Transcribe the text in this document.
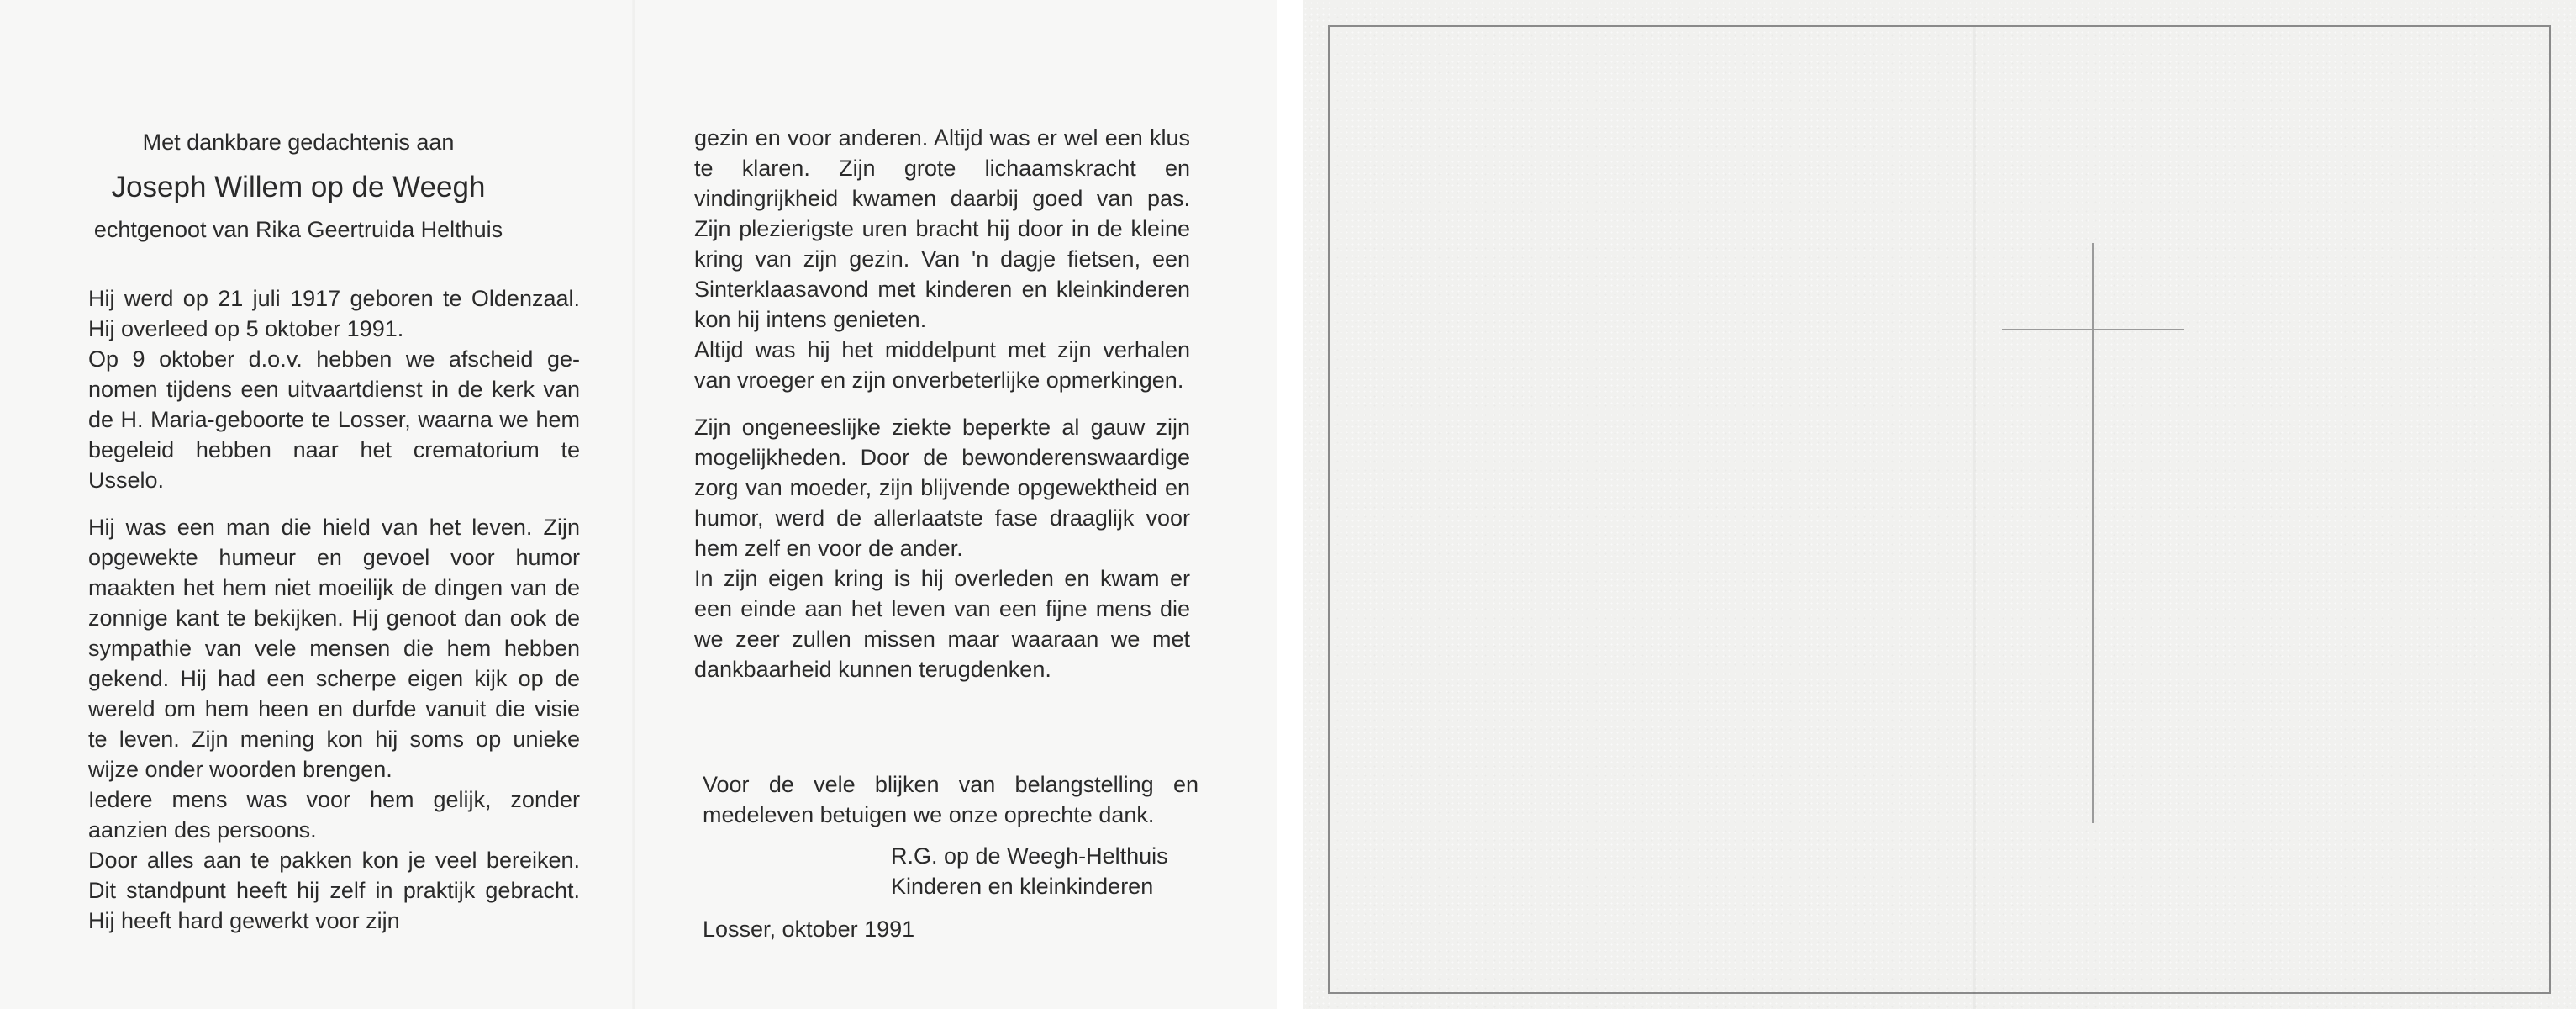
Met dankbare gedachtenis aan

Joseph Willem op de Weegh

echtgenoot van Rika Geertruida Helthuis

Hij werd op 21 juli 1917 geboren te Oldenzaal. Hij overleed op 5 oktober 1991.

Op 9 oktober d.o.v. hebben we afscheid genomen tijdens een uitvaartdienst in de kerk van de H. Maria-geboorte te Losser, waarna we hem begeleid hebben naar het crematorium te Usselo.

Hij was een man die hield van het leven. Zijn opgewekte humeur en gevoel voor humor maakten het hem niet moeilijk de dingen van de zonnige kant te bekijken. Hij genoot dan ook de sympathie van vele mensen die hem hebben gekend. Hij had een scherpe eigen kijk op de wereld om hem heen en durfde vanuit die visie te leven. Zijn mening kon hij soms op unieke wijze onder woorden brengen.

Iedere mens was voor hem gelijk, zonder aanzien des persoons.

Door alles aan te pakken kon je veel bereiken. Dit standpunt heeft hij zelf in praktijk gebracht. Hij heeft hard gewerkt voor zijn

gezin en voor anderen. Altijd was er wel een klus te klaren. Zijn grote lichaamskracht en vindingrijkheid kwamen daarbij goed van pas. Zijn plezierigste uren bracht hij door in de kleine kring van zijn gezin. Van 'n dagje fietsen, een Sinterklaasavond met kinderen en kleinkinderen kon hij intens genieten.

Altijd was hij het middelpunt met zijn verhalen van vroeger en zijn onverbeterlijke opmerkingen.

Zijn ongeneeslijke ziekte beperkte al gauw zijn mogelijkheden. Door de bewonderenswaardige zorg van moeder, zijn blijvende opgewektheid en humor, werd de allerlaatste fase draaglijk voor hem zelf en voor de ander.

In zijn eigen kring is hij overleden en kwam er een einde aan het leven van een fijne mens die we zeer zullen missen maar waaraan we met dankbaarheid kunnen terugdenken.

Voor de vele blijken van belangstelling en medeleven betuigen we onze oprechte dank.

R.G. op de Weegh-Helthuis
Kinderen en kleinkinderen

Losser, oktober 1991
